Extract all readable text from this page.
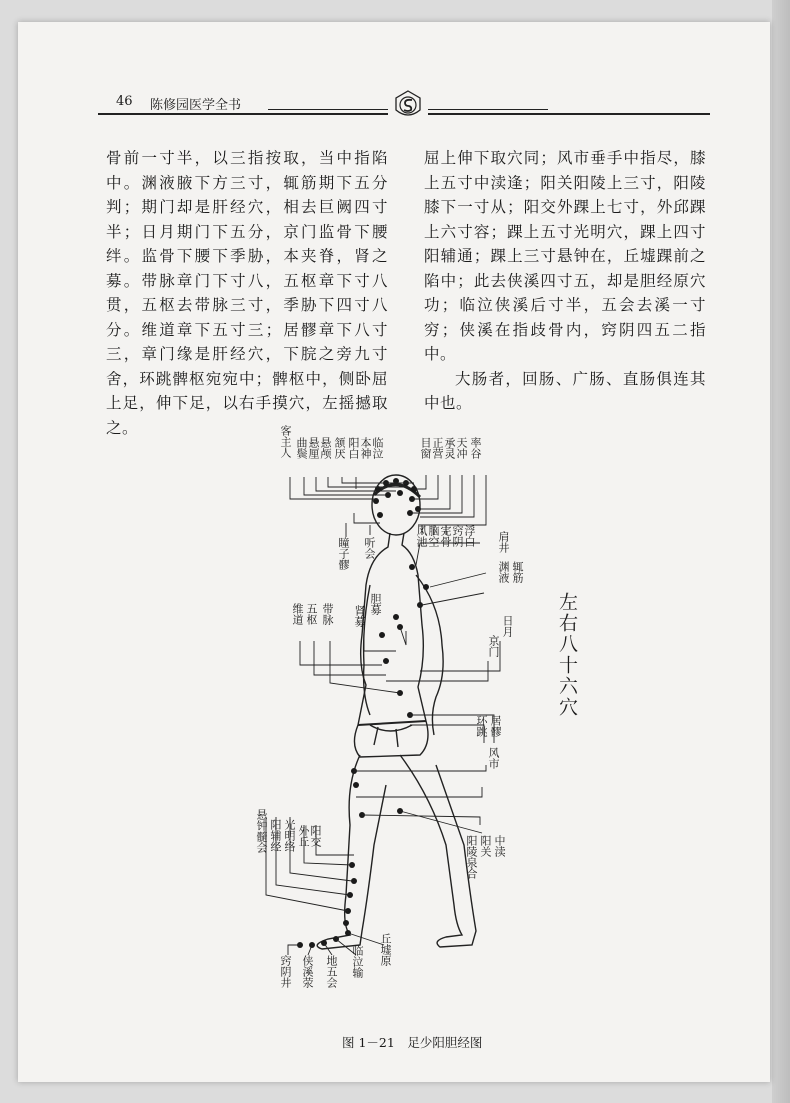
46 陈修园医学全书

骨前一寸半，以三指按取，当中指陷中。渊液腋下方三寸，辄筋期下五分判；期门却是肝经穴，相去巨阙四寸半；日月期门下五分，京门监骨下腰绊。监骨下腰下季胁，本夹脊，肾之募。带脉章门下寸八，五枢章下寸八贯，五枢去带脉三寸，季胁下四寸八分。维道章下五寸三；居髎章下八寸三，章门缘是肝经穴，下脘之旁九寸舍，环跳髀枢宛宛中；髀枢中，侧卧屈上足，伸下足，以右手摸穴，左摇撼取之。

屈上伸下取穴同；风市垂手中指尽，膝上五寸中渎逢；阳关阳陵上三寸，阳陵膝下一寸从；阳交外踝上七寸，外邱踝上六寸容；踝上五寸光明穴，踝上四寸阳辅通；踝上三寸悬钟在，丘墟踝前之陷中；此去侠溪四寸五，却是胆经原穴功；临泣侠溪后寸半，五会去溪一寸穷；侠溪在指歧骨内，窍阴四五二指中。

大肠者，回肠、广肠、直肠俱连其中也。

客主人 曲鬓 悬厘 悬颅 颔厌 阳白 本神 临泣	目窗 正营 承灵 天冲 率谷
瞳子髎 听会
风池 脑空 完骨 窍阴 浮白 肩井
辄筋
渊液
维道 五枢 带脉 肾募
胆募
日月
京门
环跳 居髎
风市
中渎
阳关
阳陵泉合
悬钟髓会 阳辅经 光明络 外丘 阳交
窍阴井 侠溪荥 地五会 临泣输 丘墟原
左右八十六穴
图 1－21　足少阳胆经图
